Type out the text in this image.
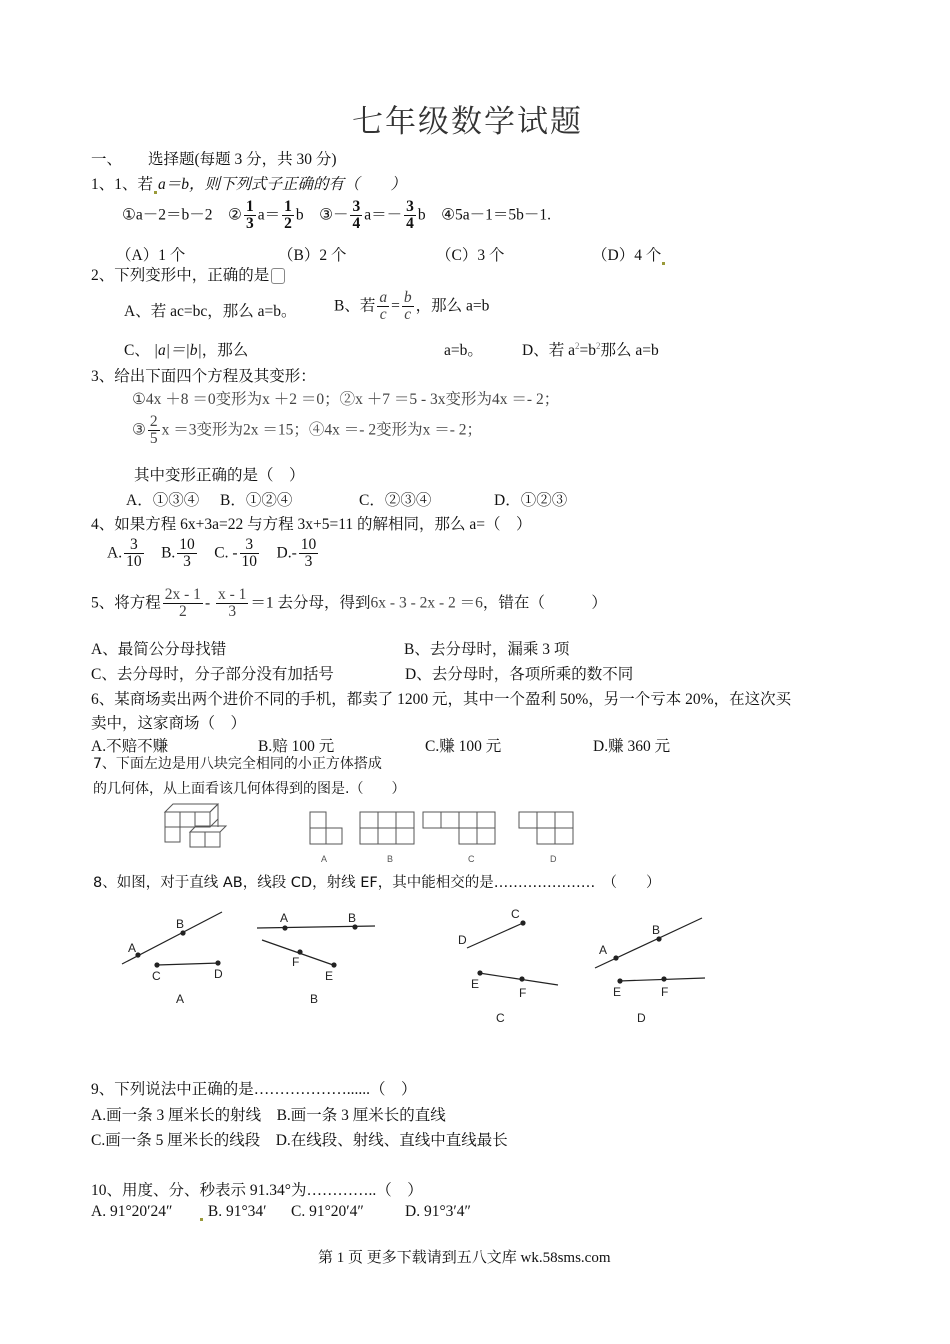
七年级数学试题
一、 选择题(每题 3 分，共 30 分)
1、1、若 a＝b，则下列式子正确的有（　　）
①a－2＝b－2 ② $\frac{1}{3} a= \frac{1}{2}$ b ③－ $\frac{3}{4} a=- \frac{3}{4}$ b ④5a－1＝5b－1.
（A）1 个	（B）2 个	（C）3 个	（D）4 个
2、下列变形中，正确的是
A、若 ac=bc，那么 a=b。 B、若 $\frac{a}{c} = \frac{b}{c}$ ，那么 a=b
C、 |a|＝|b|，那么	a=b。	D、若 $a^2=b^2$那么 a=b
3、给出下面四个方程及其变形：
①4x ＋8 ＝0变形为x ＋2 ＝0；②x ＋7 ＝5 - 3x变形为4x ＝- 2；
③ $\frac{2}{5}$ x ＝3变形为2x ＝15；④4x ＝- 2变形为x ＝- 2；
其中变形正确的是（　）
A．①③④ B．①②④	C．②③④	D．①②③
4、如果方程 6x+3a=22 与方程 3x+5=11 的解相同，那么 a=（　）
A. $\frac{3}{10} B$. $\frac{10}{3} C$. - $\frac{3}{10} D.- \frac{10}{3}$
5、将方程 $\frac{2x - 1}{2} - \frac{x - 1}{3} =1$ 去分母，得到6x - 3 - 2x - 2 ＝6，错在（　　　）
A、最简公分母找错	B、去分母时，漏乘 3 项
C、去分母时，分子部分没有加括号	D、去分母时，各项所乘的数不同
6、某商场卖出两个进价不同的手机，都卖了 1200 元，其中一个盈利 50%，另一个亏本 20%，在这次买
卖中，这家商场（　）
A.不赔不赚	B.赔 100 元	C.赚 100 元	D.赚 360 元
7、下面左边是用八块完全相同的小正方体搭成
的几何体，从上面看该几何体得到的图是.（　　）
A	B	C	D
8、如图，对于直线 AB，线段 CD，射线 EF，其中能相交的是…………………　（　　）
A
B
C	D
A
A	B
F
E
B
C
D
E
F
C
A
B
E	F
D
9、下列说法中正确的是………………......（　）
A.画一条 3 厘米长的射线　B.画一条 3 厘米长的直线
C.画一条 5 厘米长的线段　D.在线段、射线、直线中直线最长
10、用度、分、秒表示 91.34°为…………..（　）
A. 91°20′24″	B. 91°34′ C. 91°20′4″	D. 91°3′4″
第 1 页 更多下载请到五八文库 wk.58sms.com
